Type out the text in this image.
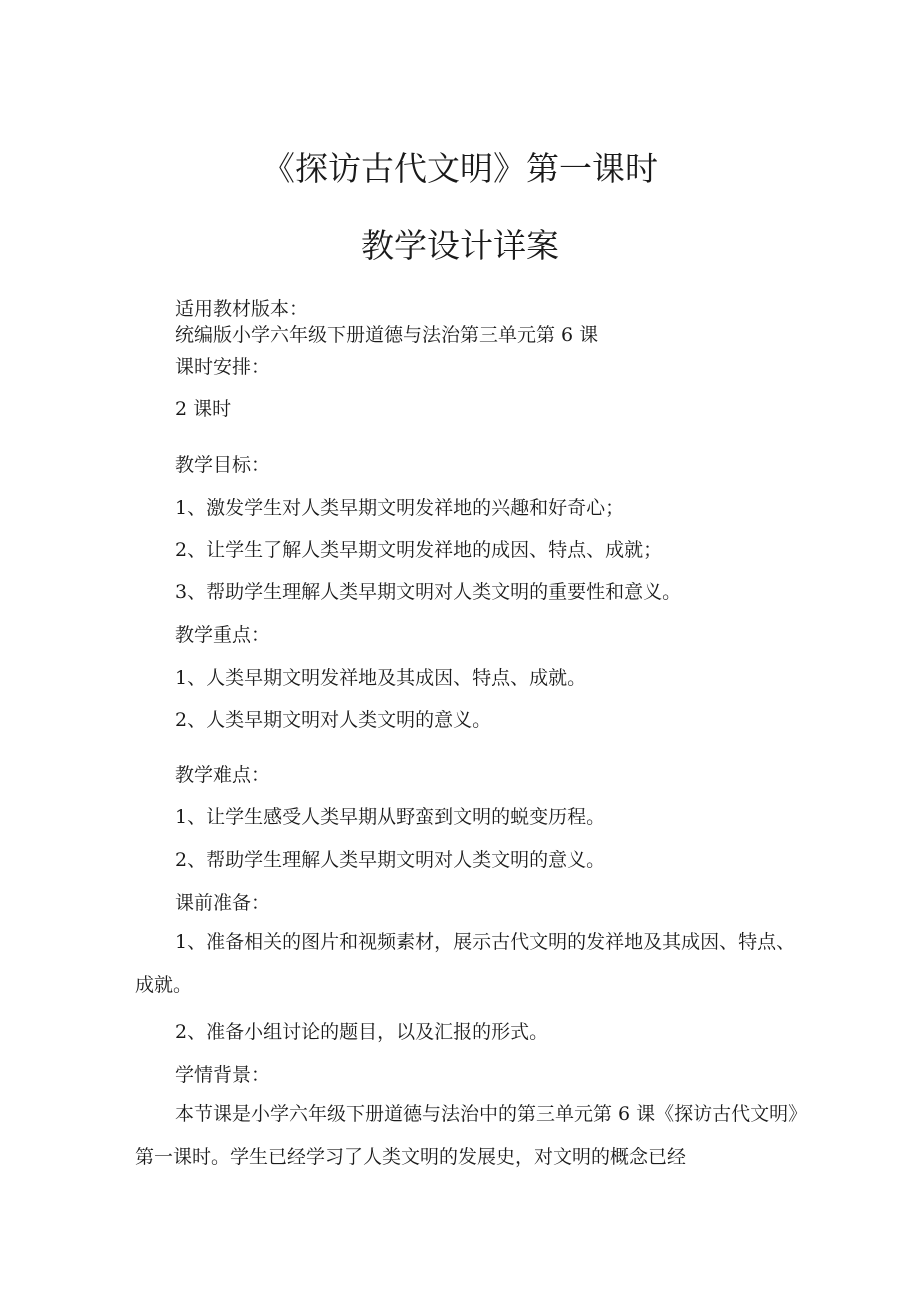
《探访古代文明》第一课时
教学设计详案
适用教材版本：
统编版小学六年级下册道德与法治第三单元第 6 课
课时安排：
2 课时
教学目标：
1、激发学生对人类早期文明发祥地的兴趣和好奇心；
2、让学生了解人类早期文明发祥地的成因、特点、成就；
3、帮助学生理解人类早期文明对人类文明的重要性和意义。
教学重点：
1、人类早期文明发祥地及其成因、特点、成就。
2、人类早期文明对人类文明的意义。
教学难点：
1、让学生感受人类早期从野蛮到文明的蜕变历程。
2、帮助学生理解人类早期文明对人类文明的意义。
课前准备：
1、准备相关的图片和视频素材，展示古代文明的发祥地及其成因、特点、成就。
2、准备小组讨论的题目，以及汇报的形式。
学情背景：
本节课是小学六年级下册道德与法治中的第三单元第 6 课《探访古代文明》第一课时。学生已经学习了人类文明的发展史，对文明的概念已经
